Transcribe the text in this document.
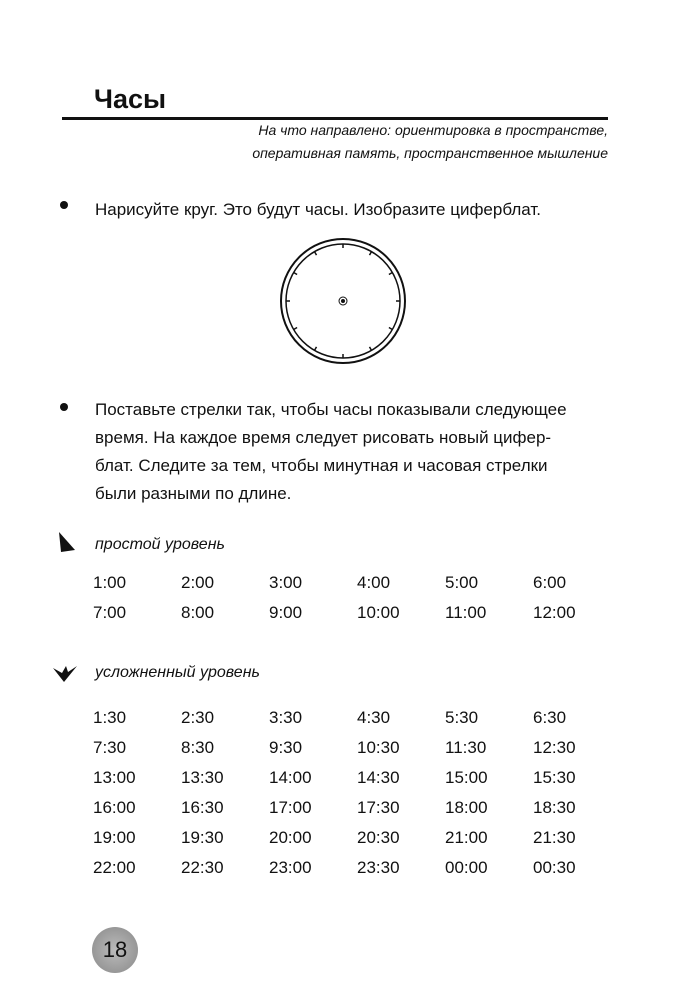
Часы
На что направлено: ориентировка в пространстве,
оперативная память, пространственное мышление
Нарисуйте круг. Это будут часы. Изобразите циферблат.
Поставьте стрелки так, чтобы часы показывали следующее
время. На каждое время следует рисовать новый цифер-
блат. Следите за тем, чтобы минутная и часовая стрелки
были разными по длине.
простой уровень
1:00	2:00	3:00	4:00	5:00	6:00
7:00	8:00	9:00	10:00	11:00	12:00
усложненный уровень
1:30	2:30	3:30	4:30	5:30	6:30
7:30	8:30	9:30	10:30	11:30	12:30
13:00	13:30	14:00	14:30	15:00	15:30
16:00	16:30	17:00	17:30	18:00	18:30
19:00	19:30	20:00	20:30	21:00	21:30
22:00	22:30	23:00	23:30	00:00	00:30
18
